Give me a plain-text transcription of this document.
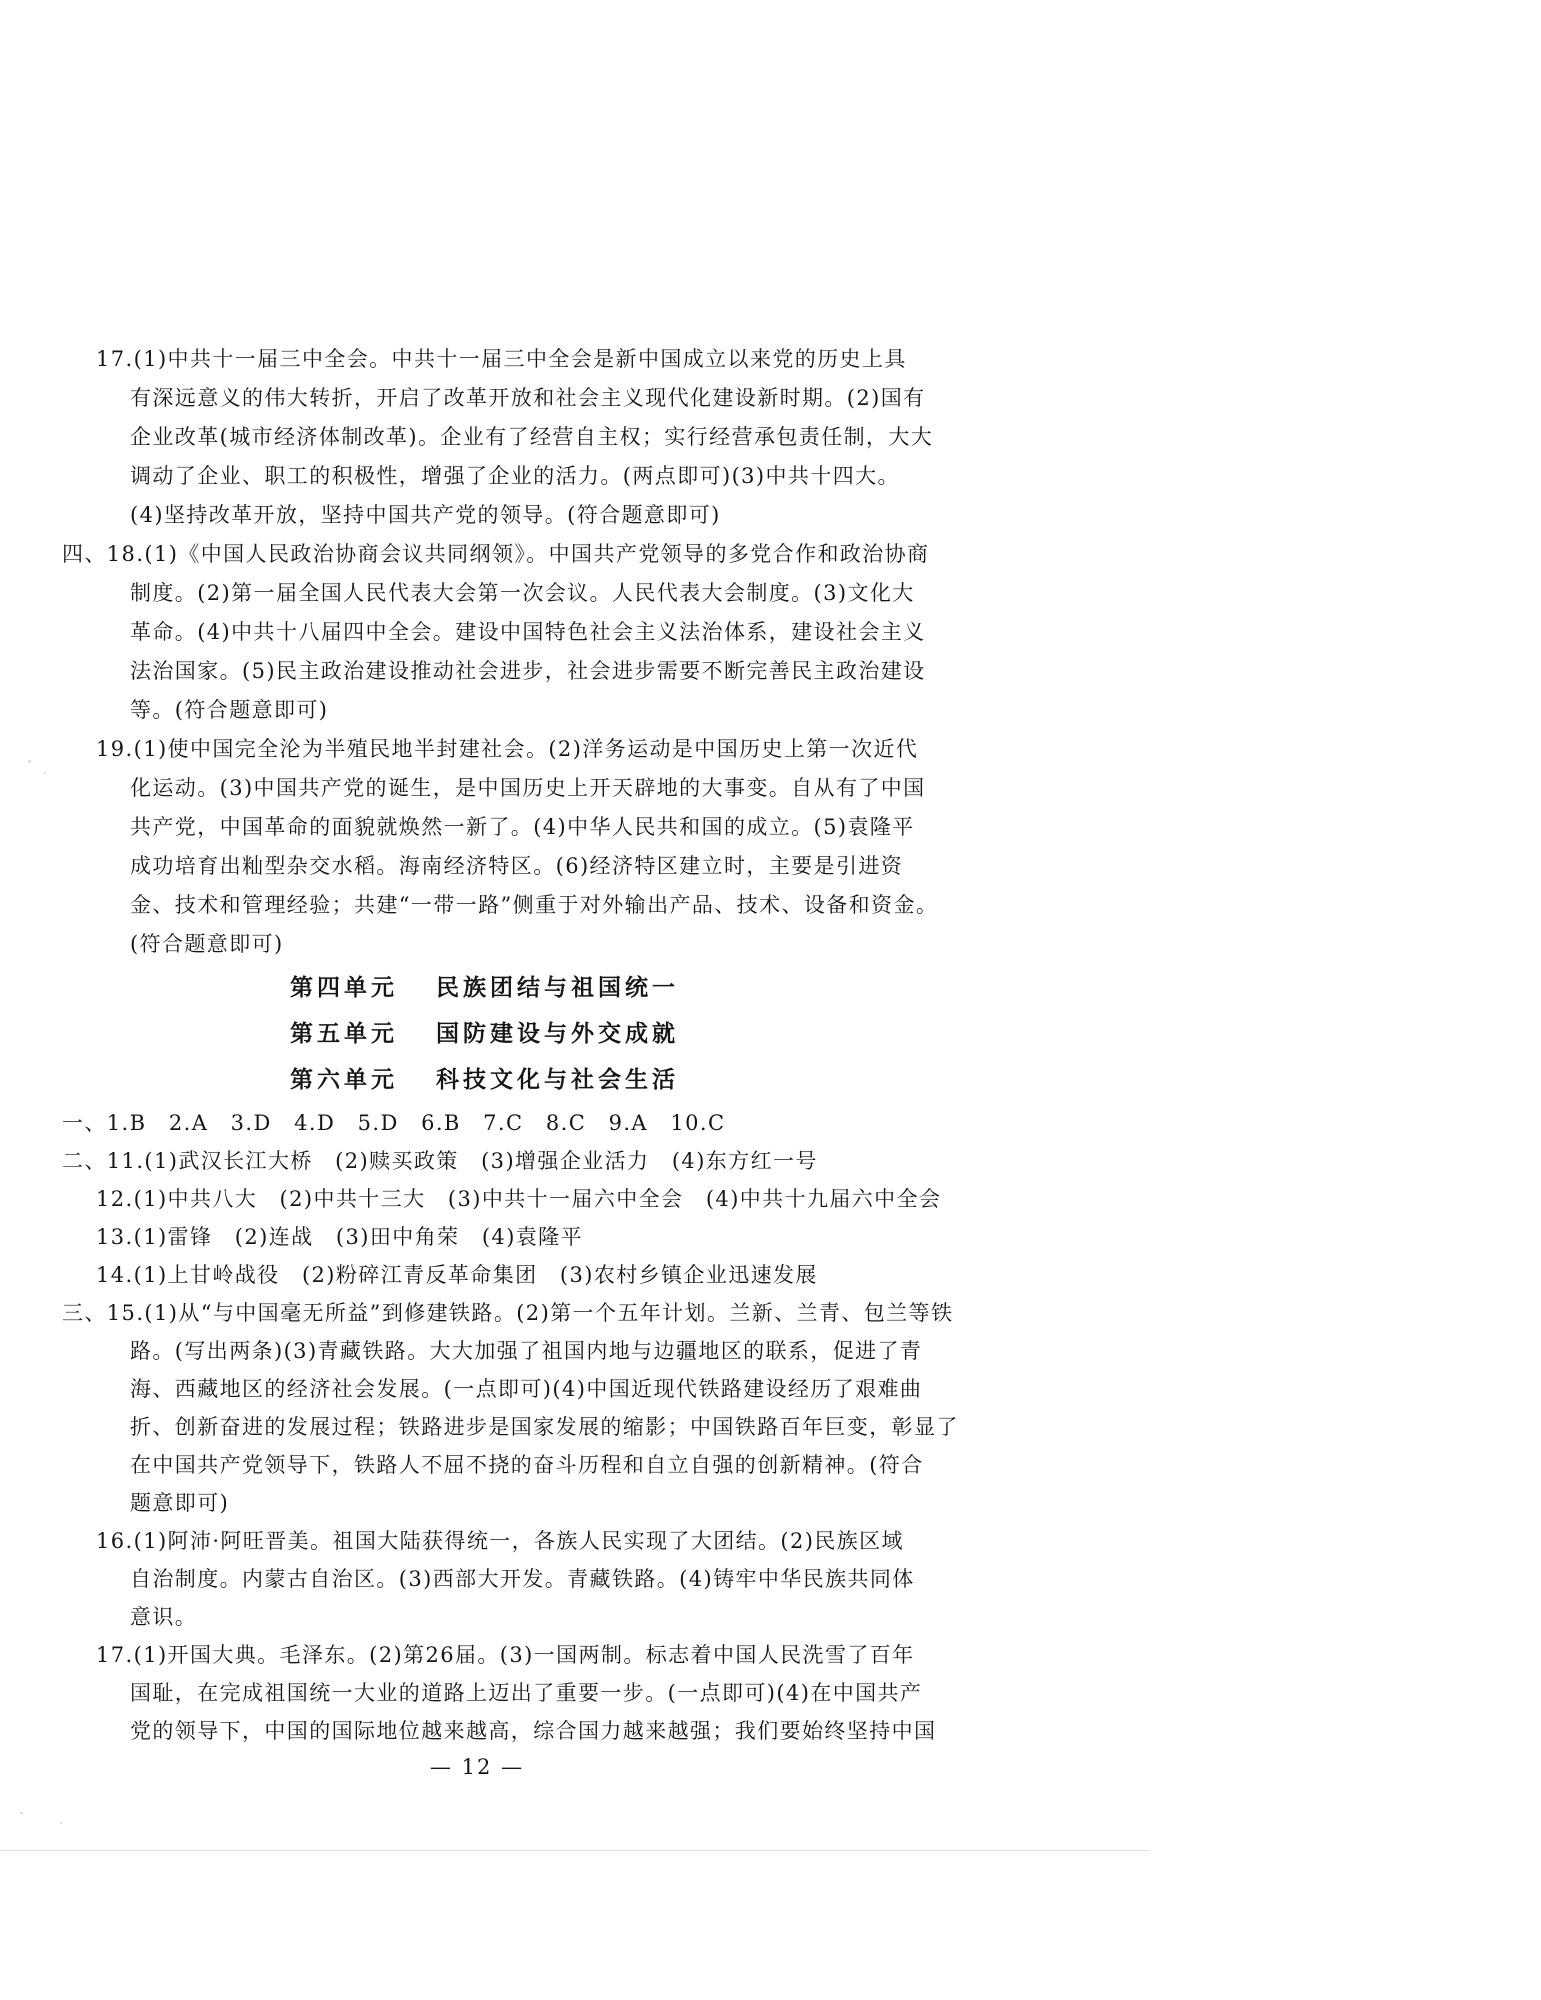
17.(1)中共十一届三中全会。中共十一届三中全会是新中国成立以来党的历史上具
有深远意义的伟大转折，开启了改革开放和社会主义现代化建设新时期。(2)国有
企业改革(城市经济体制改革)。企业有了经营自主权；实行经营承包责任制，大大
调动了企业、职工的积极性，增强了企业的活力。(两点即可)(3)中共十四大。
(4)坚持改革开放，坚持中国共产党的领导。(符合题意即可)
四、18.(1)《中国人民政治协商会议共同纲领》。中国共产党领导的多党合作和政治协商
制度。(2)第一届全国人民代表大会第一次会议。人民代表大会制度。(3)文化大
革命。(4)中共十八届四中全会。建设中国特色社会主义法治体系，建设社会主义
法治国家。(5)民主政治建设推动社会进步，社会进步需要不断完善民主政治建设
等。(符合题意即可)
19.(1)使中国完全沦为半殖民地半封建社会。(2)洋务运动是中国历史上第一次近代
化运动。(3)中国共产党的诞生，是中国历史上开天辟地的大事变。自从有了中国
共产党，中国革命的面貌就焕然一新了。(4)中华人民共和国的成立。(5)袁隆平
成功培育出籼型杂交水稻。海南经济特区。(6)经济特区建立时，主要是引进资
金、技术和管理经验；共建“一带一路”侧重于对外输出产品、技术、设备和资金。
(符合题意即可)
第四单元 民族团结与祖国统一
第五单元 国防建设与外交成就
第六单元 科技文化与社会生活
一、1.B　2.A　3.D　4.D　5.D　6.B　7.C　8.C　9.A　10.C
二、11.(1)武汉长江大桥　(2)赎买政策　(3)增强企业活力　(4)东方红一号
12.(1)中共八大　(2)中共十三大　(3)中共十一届六中全会　(4)中共十九届六中全会
13.(1)雷锋　(2)连战　(3)田中角荣　(4)袁隆平
14.(1)上甘岭战役　(2)粉碎江青反革命集团　(3)农村乡镇企业迅速发展
三、15.(1)从“与中国毫无所益”到修建铁路。(2)第一个五年计划。兰新、兰青、包兰等铁
路。(写出两条)(3)青藏铁路。大大加强了祖国内地与边疆地区的联系，促进了青
海、西藏地区的经济社会发展。(一点即可)(4)中国近现代铁路建设经历了艰难曲
折、创新奋进的发展过程；铁路进步是国家发展的缩影；中国铁路百年巨变，彰显了
在中国共产党领导下，铁路人不屈不挠的奋斗历程和自立自强的创新精神。(符合
题意即可)
16.(1)阿沛·阿旺晋美。祖国大陆获得统一，各族人民实现了大团结。(2)民族区域
自治制度。内蒙古自治区。(3)西部大开发。青藏铁路。(4)铸牢中华民族共同体
意识。
17.(1)开国大典。毛泽东。(2)第26届。(3)一国两制。标志着中国人民洗雪了百年
国耻，在完成祖国统一大业的道路上迈出了重要一步。(一点即可)(4)在中国共产
党的领导下，中国的国际地位越来越高，综合国力越来越强；我们要始终坚持中国
— 12 —
